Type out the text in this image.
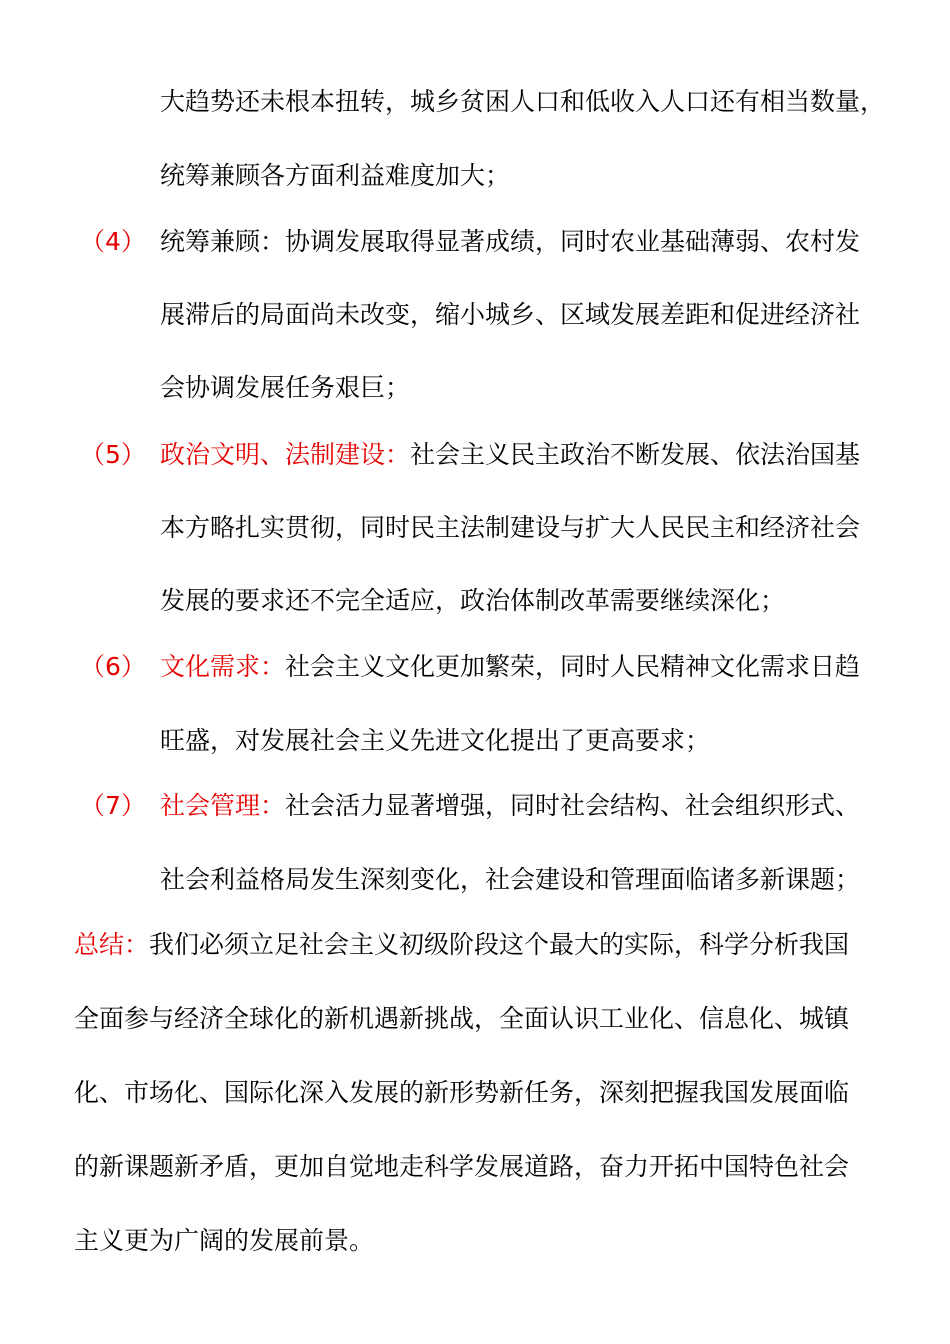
大趋势还未根本扭转，城乡贫困人口和低收入人口还有相当数量，
统筹兼顾各方面利益难度加大；
（4） 统筹兼顾：协调发展取得显著成绩，同时农业基础薄弱、农村发
展滞后的局面尚未改变，缩小城乡、区域发展差距和促进经济社
会协调发展任务艰巨；
（5） 政治文明、法制建设：社会主义民主政治不断发展、依法治国基
本方略扎实贯彻，同时民主法制建设与扩大人民民主和经济社会
发展的要求还不完全适应，政治体制改革需要继续深化；
（6） 文化需求：社会主义文化更加繁荣，同时人民精神文化需求日趋
旺盛，对发展社会主义先进文化提出了更高要求；
（7） 社会管理：社会活力显著增强，同时社会结构、社会组织形式、
社会利益格局发生深刻变化，社会建设和管理面临诸多新课题；
总结：我们必须立足社会主义初级阶段这个最大的实际，科学分析我国
全面参与经济全球化的新机遇新挑战，全面认识工业化、信息化、城镇
化、市场化、国际化深入发展的新形势新任务，深刻把握我国发展面临
的新课题新矛盾，更加自觉地走科学发展道路，奋力开拓中国特色社会
主义更为广阔的发展前景。
